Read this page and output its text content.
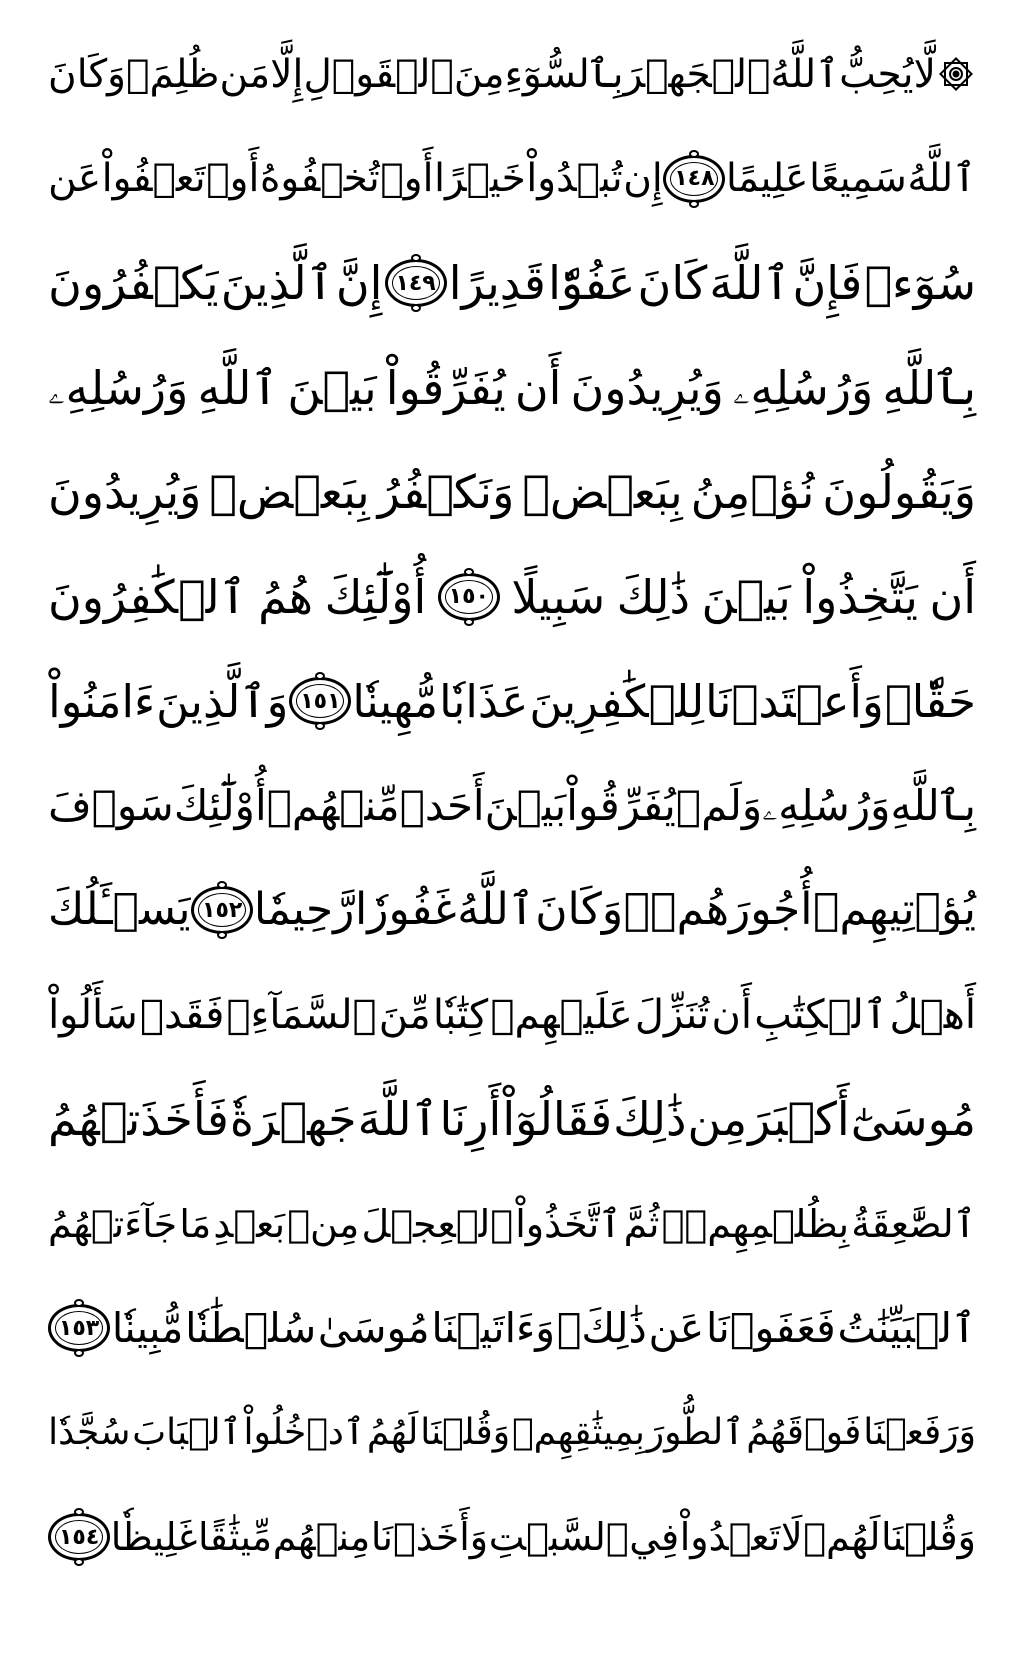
لَّا
يُحِبُّ
ٱللَّهُ
ٱلۡجَهۡرَ
بِٱلسُّوٓءِ
مِنَ
ٱلۡقَوۡلِ
إِلَّا
مَن
ظُلِمَۚ
وَكَانَ
ٱللَّهُ
سَمِيعًا
عَلِيمًا
١٤٨
إِن
تُبۡدُواْ
خَيۡرًا
أَوۡ
تُخۡفُوهُ
أَوۡ
تَعۡفُواْ
عَن
سُوٓءٖ
فَإِنَّ
ٱللَّهَ
كَانَ
عَفُوّٗا
قَدِيرًا
١٤٩
إِنَّ
ٱلَّذِينَ
يَكۡفُرُونَ
بِٱللَّهِ
وَرُسُلِهِۦ
وَيُرِيدُونَ
أَن
يُفَرِّقُواْ
بَيۡنَ
ٱللَّهِ
وَرُسُلِهِۦ
وَيَقُولُونَ
نُؤۡمِنُ
بِبَعۡضٖ
وَنَكۡفُرُ
بِبَعۡضٖ
وَيُرِيدُونَ
أَن
يَتَّخِذُواْ
بَيۡنَ
ذَٰلِكَ
سَبِيلًا
١٥٠
أُوْلَٰٓئِكَ
هُمُ
ٱلۡكَٰفِرُونَ
حَقّٗاۚ
وَأَعۡتَدۡنَا
لِلۡكَٰفِرِينَ
عَذَابٗا
مُّهِينٗا
١٥١
وَٱلَّذِينَ
ءَامَنُواْ
بِٱللَّهِ
وَرُسُلِهِۦ
وَلَمۡ
يُفَرِّقُواْ
بَيۡنَ
أَحَدٖ
مِّنۡهُمۡ
أُوْلَٰٓئِكَ
سَوۡفَ
يُؤۡتِيهِمۡ
أُجُورَهُمۡۗ
وَكَانَ
ٱللَّهُ
غَفُورٗا
رَّحِيمٗا
١٥٢
يَسۡـَٔلُكَ
أَهۡلُ
ٱلۡكِتَٰبِ
أَن
تُنَزِّلَ
عَلَيۡهِمۡ
كِتَٰبٗا
مِّنَ
ٱلسَّمَآءِۚ
فَقَدۡ
سَأَلُواْ
مُوسَىٰٓ
أَكۡبَرَ
مِن
ذَٰلِكَ
فَقَالُوٓاْ
أَرِنَا
ٱللَّهَ
جَهۡرَةٗ
فَأَخَذَتۡهُمُ
ٱلصَّٰعِقَةُ
بِظُلۡمِهِمۡۚ
ثُمَّ
ٱتَّخَذُواْ
ٱلۡعِجۡلَ
مِنۢ
بَعۡدِ
مَا
جَآءَتۡهُمُ
ٱلۡبَيِّنَٰتُ
فَعَفَوۡنَا
عَن
ذَٰلِكَۚ
وَءَاتَيۡنَا
مُوسَىٰ
سُلۡطَٰنٗا
مُّبِينٗا
١٥٣
وَرَفَعۡنَا
فَوۡقَهُمُ
ٱلطُّورَ
بِمِيثَٰقِهِمۡ
وَقُلۡنَا
لَهُمُ
ٱدۡخُلُواْ
ٱلۡبَابَ
سُجَّدٗا
وَقُلۡنَا
لَهُمۡ
لَا
تَعۡدُواْ
فِي
ٱلسَّبۡتِ
وَأَخَذۡنَا
مِنۡهُم
مِّيثَٰقًا
غَلِيظٗا
١٥٤
